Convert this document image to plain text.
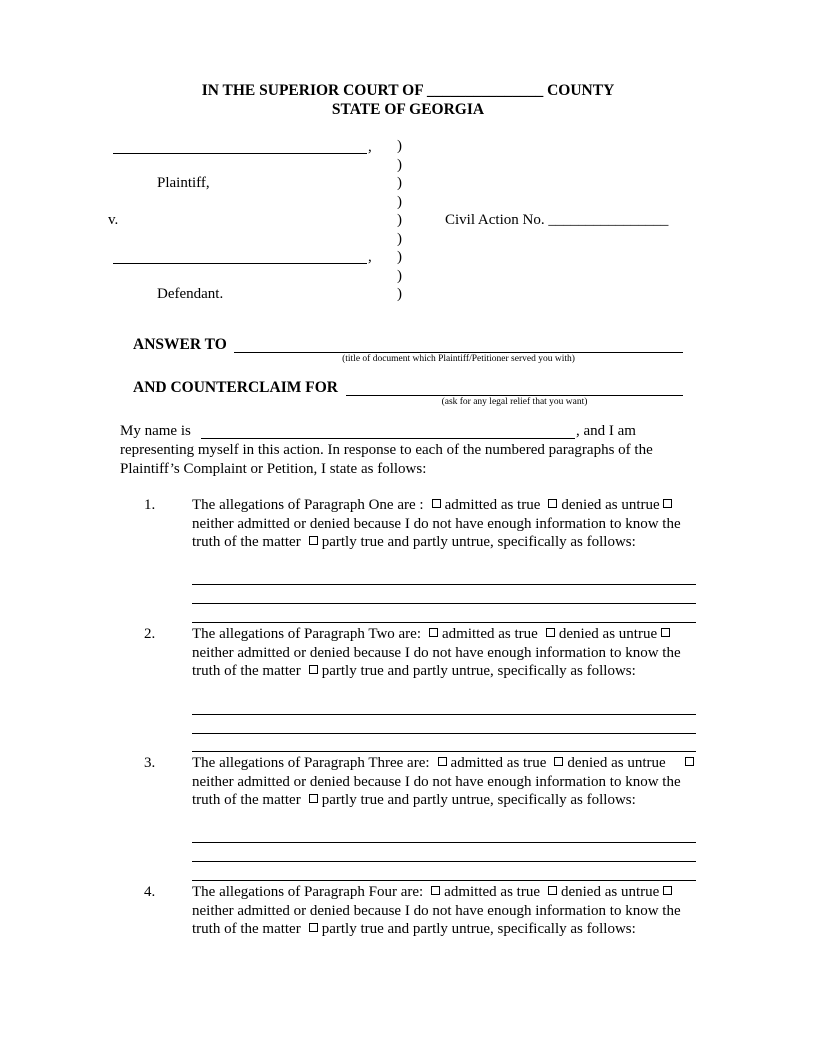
IN THE SUPERIOR COURT OF _______________ COUNTY
STATE OF GEORGIA
,
Plaintiff,
v.
,
Defendant.
)
)
)
)
)
)
)
)
)
Civil Action No. ________________
ANSWER TO
(title of document which Plaintiff/Petitioner served you with)
AND COUNTERCLAIM FOR
(ask for any legal relief that you want)
My name is	, and I am
representing myself in this action. In response to each of the numbered paragraphs of the Plaintiff’s Complaint or Petition, I state as follows:
1. The allegations of Paragraph One are : admitted as true denied as untrue neither admitted or denied because I do not have enough information to know the truth of the matter partly true and partly untrue, specifically as follows:
2. The allegations of Paragraph Two are: admitted as true denied as untrue neither admitted or denied because I do not have enough information to know the truth of the matter partly true and partly untrue, specifically as follows:
3. The allegations of Paragraph Three are: admitted as true denied as untrue neither admitted or denied because I do not have enough information to know the truth of the matter partly true and partly untrue, specifically as follows:
4. The allegations of Paragraph Four are: admitted as true denied as untrue neither admitted or denied because I do not have enough information to know the truth of the matter partly true and partly untrue, specifically as follows:
